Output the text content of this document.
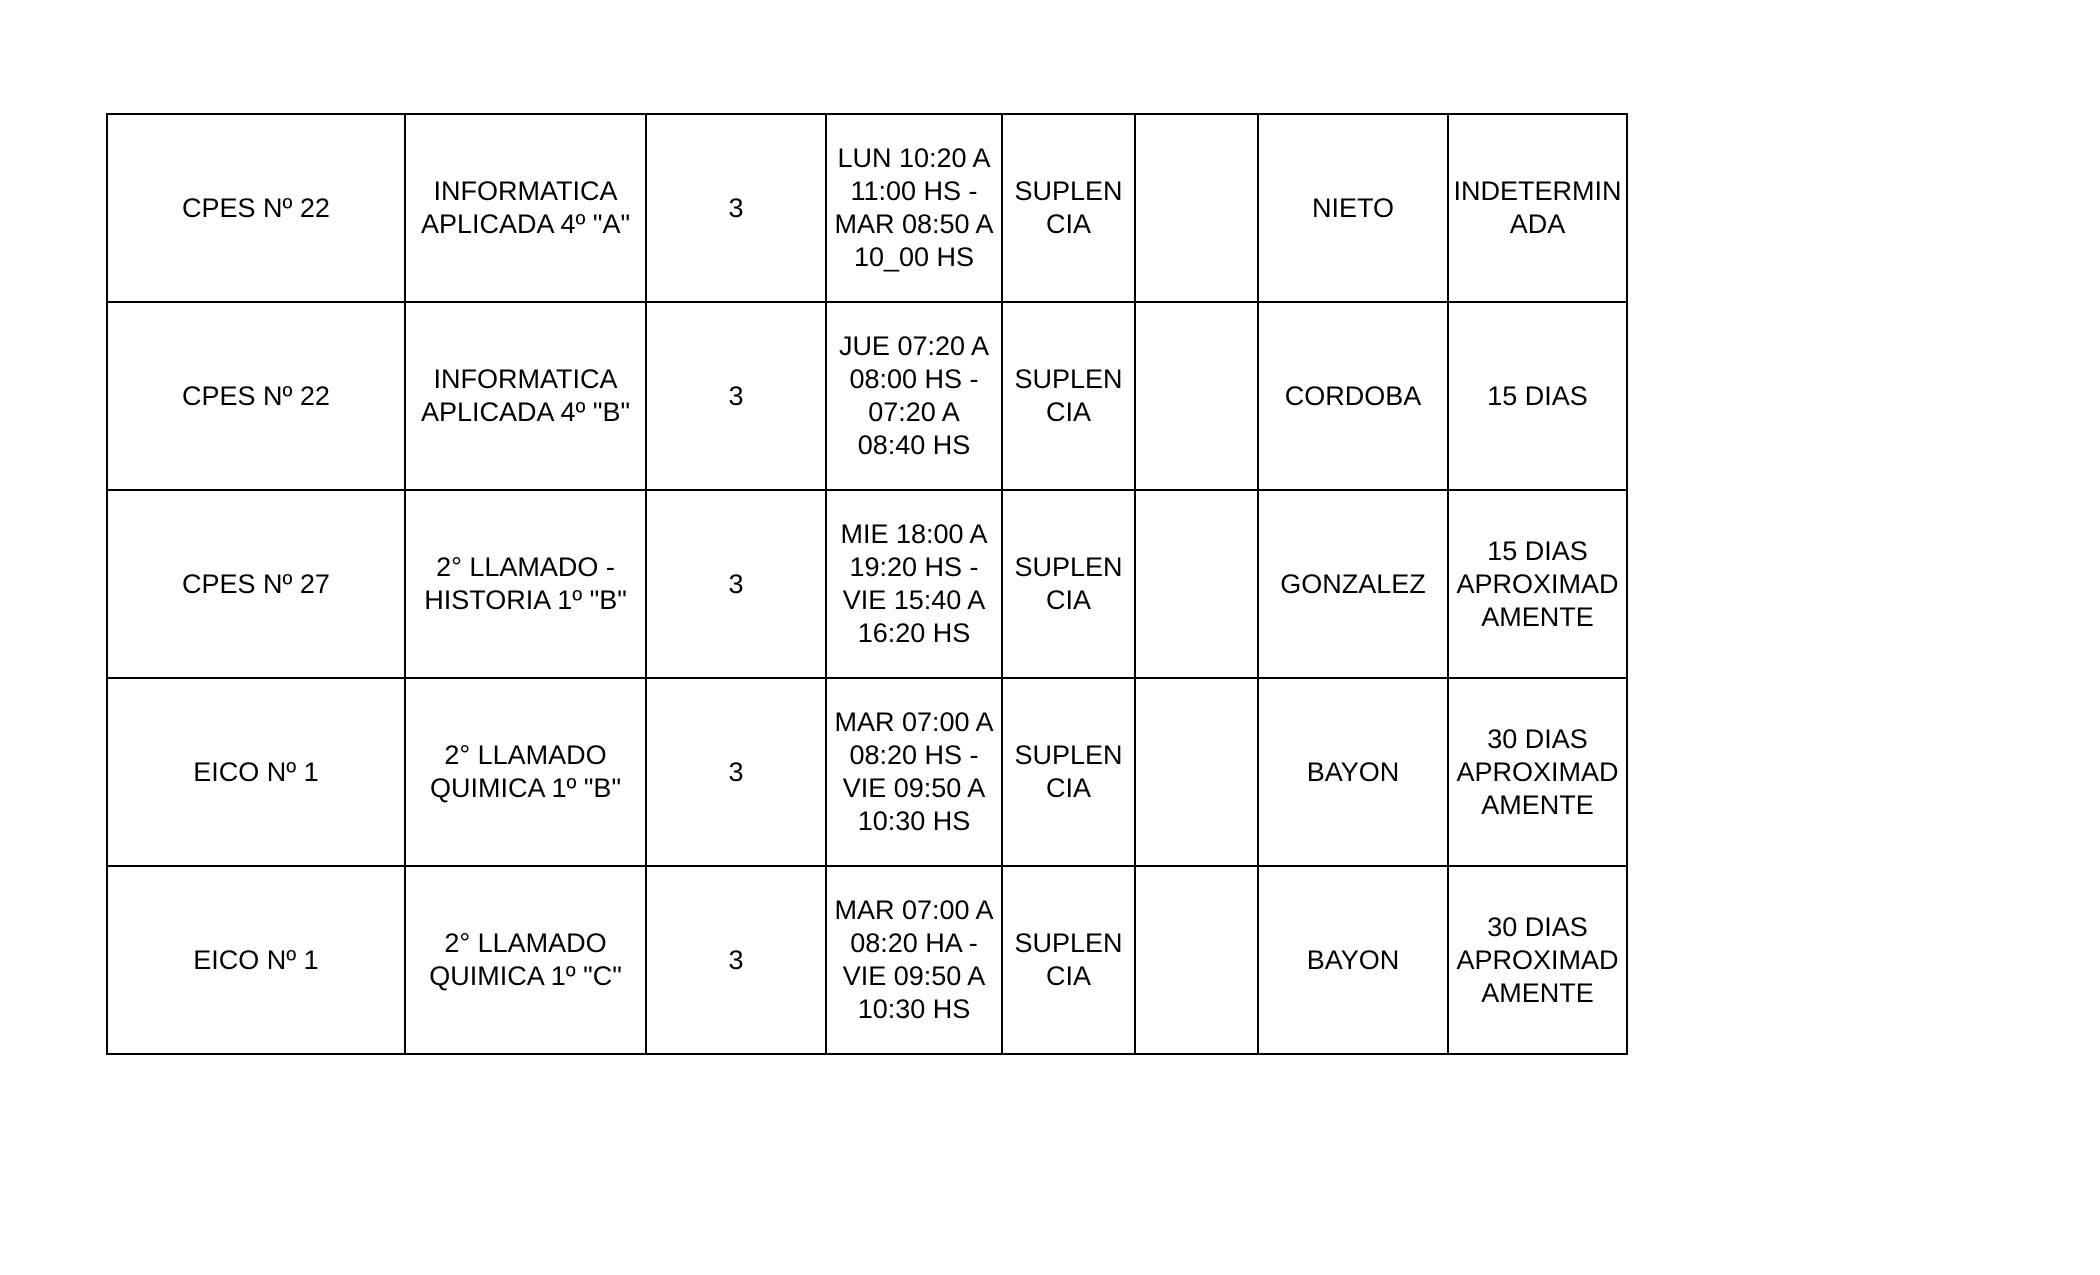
CPES Nº 22	INFORMATICA
APLICADA 4º "A"	3	LUN 10:20 A
11:00 HS -
MAR 08:50 A
10_00 HS	SUPLEN
CIA		NIETO	INDETERMIN
ADA
CPES Nº 22	INFORMATICA
APLICADA 4º "B"	3	JUE 07:20 A
08:00 HS -
07:20 A
08:40 HS	SUPLEN
CIA		CORDOBA	15 DIAS
CPES Nº 27	2° LLAMADO -
HISTORIA 1º "B"	3	MIE 18:00 A
19:20 HS -
VIE 15:40 A
16:20 HS	SUPLEN
CIA		GONZALEZ	15 DIAS
APROXIMAD
AMENTE
EICO Nº 1	2° LLAMADO
QUIMICA 1º "B"	3	MAR 07:00 A
08:20 HS -
VIE 09:50 A
10:30 HS	SUPLEN
CIA		BAYON	30 DIAS
APROXIMAD
AMENTE
EICO Nº 1	2° LLAMADO
QUIMICA 1º "C"	3	MAR 07:00 A
08:20 HA -
VIE 09:50 A
10:30 HS	SUPLEN
CIA		BAYON	30 DIAS
APROXIMAD
AMENTE
